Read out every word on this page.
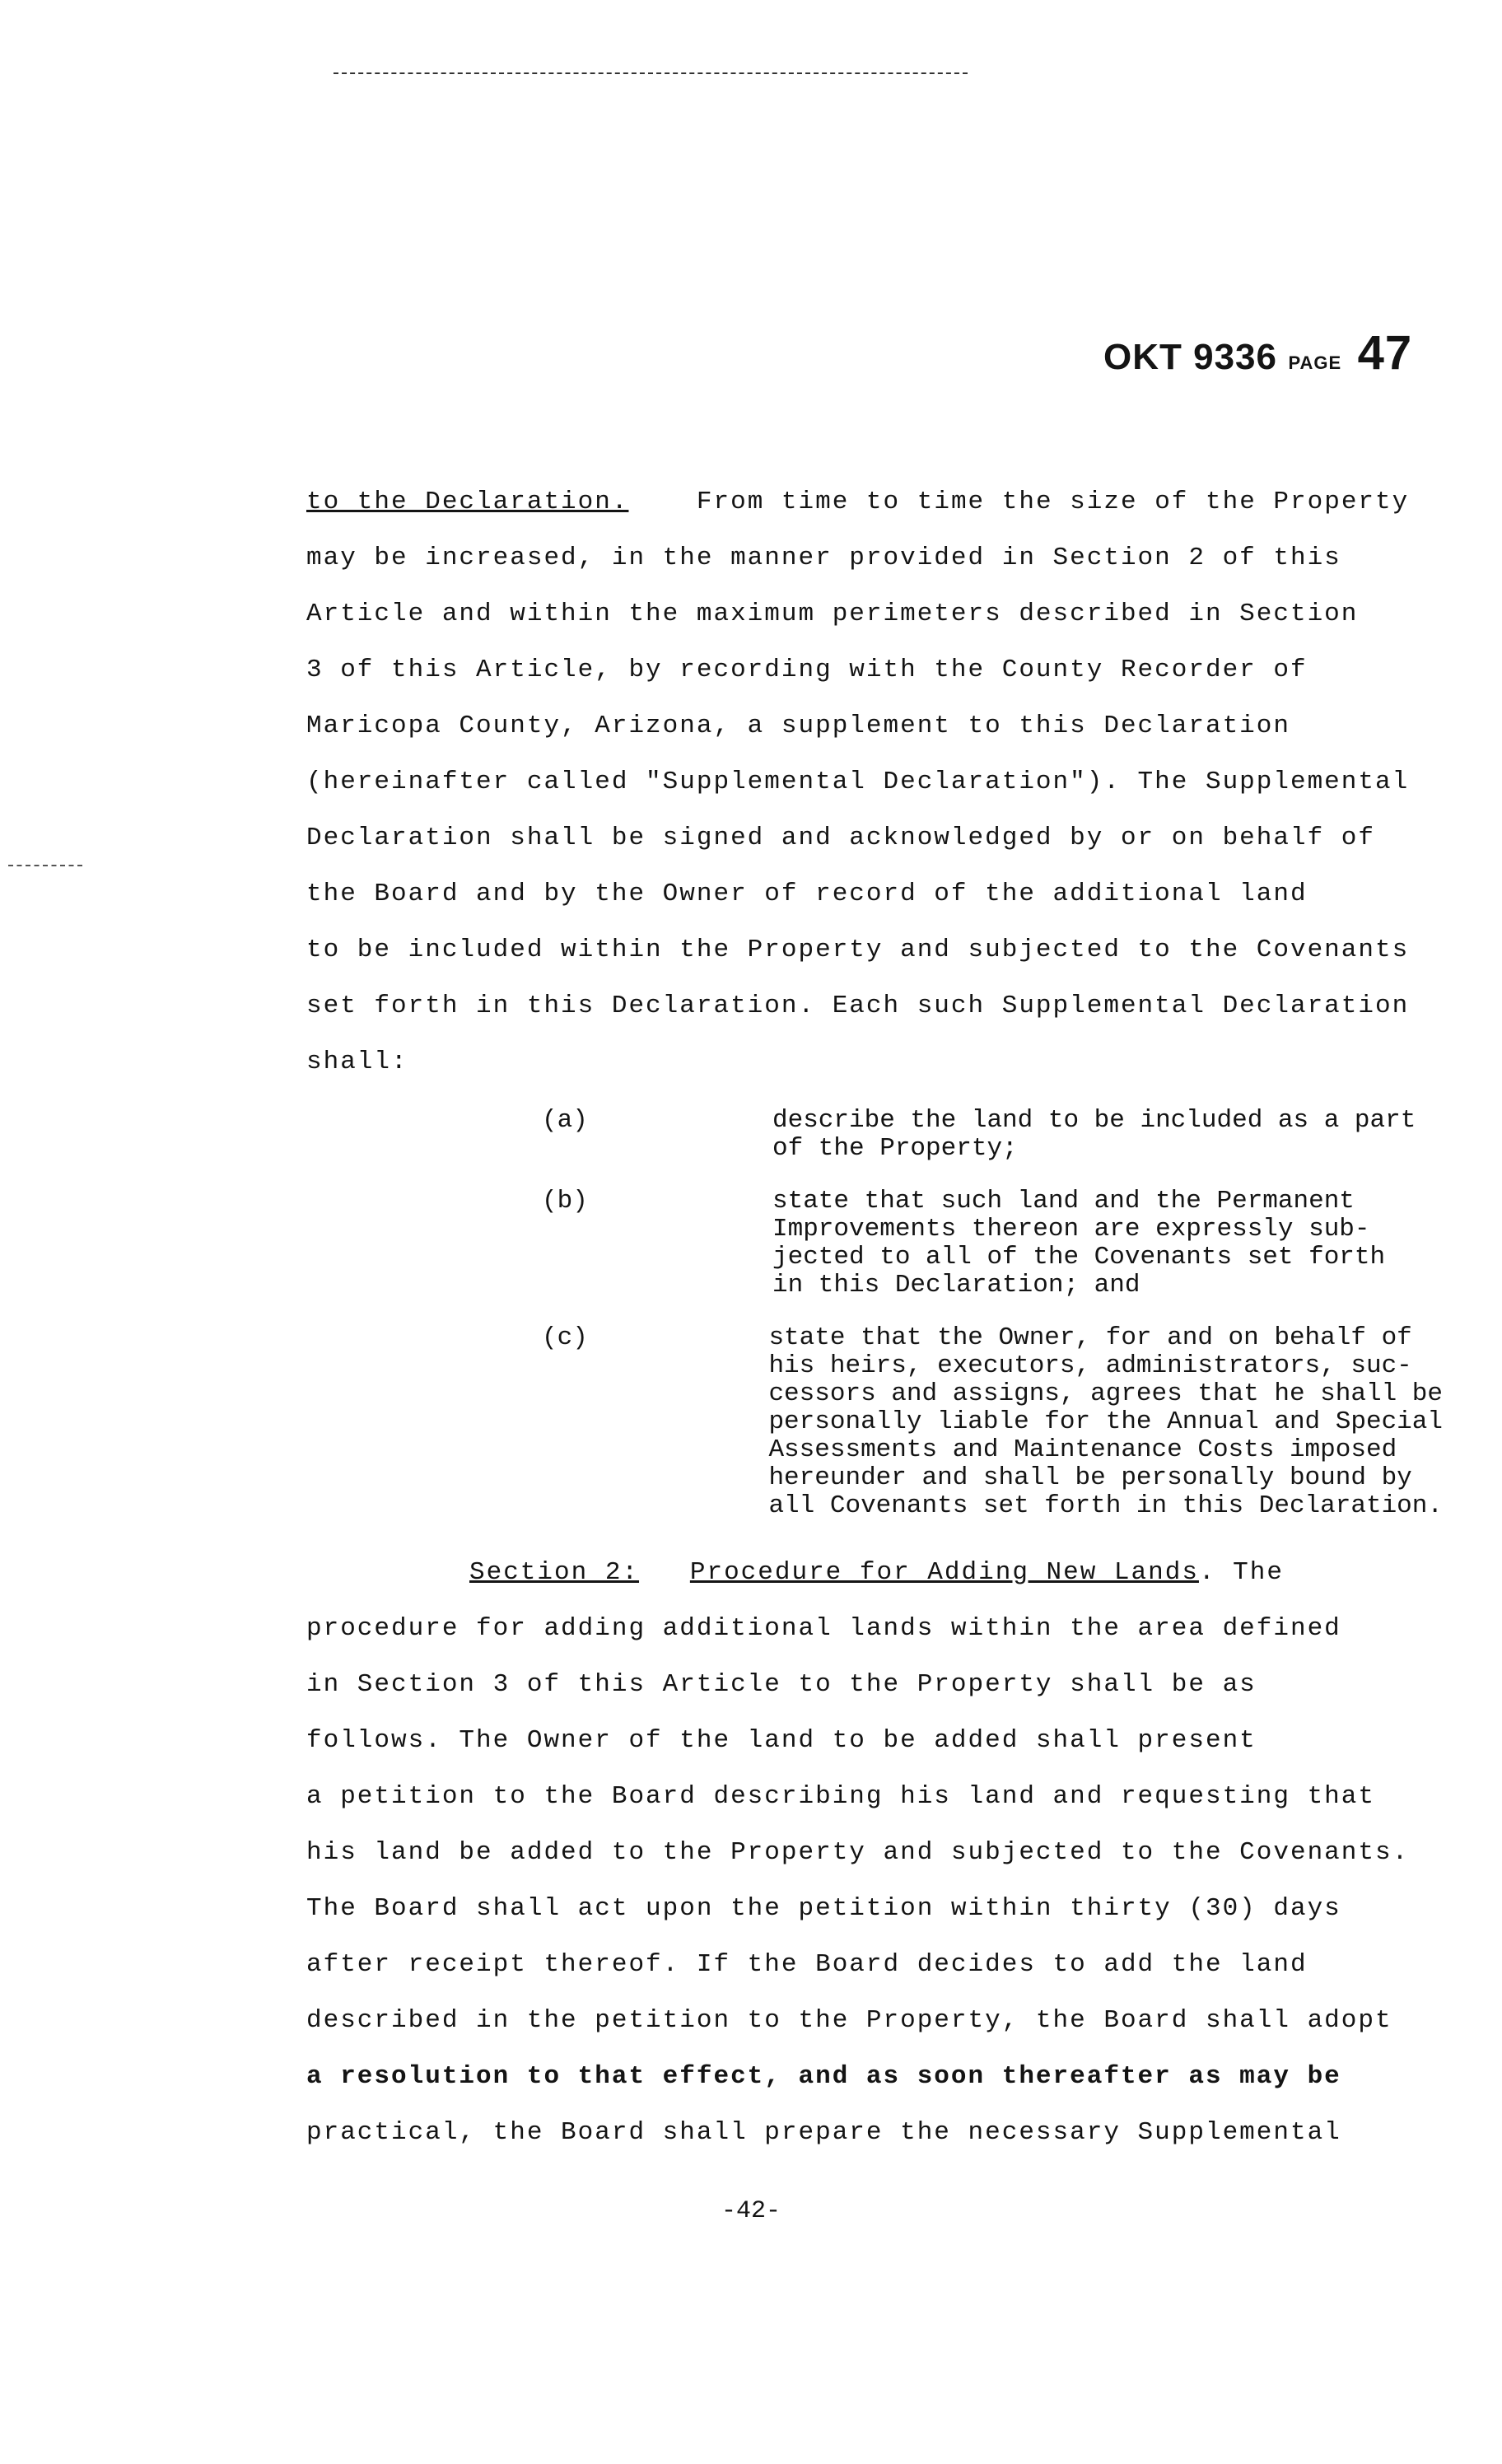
OKT 9336 PAGE 47
to the Declaration.	From time to time the size of the Property
may be increased, in the manner provided in Section 2 of this
Article and within the maximum perimeters described in Section
3 of this Article, by recording with the County Recorder of
Maricopa County, Arizona, a supplement to this Declaration
(hereinafter called "Supplemental Declaration"). The Supplemental
Declaration shall be signed and acknowledged by or on behalf of
the Board and by the Owner of record of the additional land
to be included within the Property and subjected to the Covenants
set forth in this Declaration. Each such Supplemental Declaration
shall:
(a)	describe the land to be included as a part
of the Property;
(b)	state that such land and the Permanent
Improvements thereon are expressly sub-
jected to all of the Covenants set forth
in this Declaration; and
(c)	state that the Owner, for and on behalf of
his heirs, executors, administrators, suc-
cessors and assigns, agrees that he shall be
personally liable for the Annual and Special
Assessments and Maintenance Costs imposed
hereunder and shall be personally bound by
all Covenants set forth in this Declaration.
Section 2: Procedure for Adding New Lands. The
procedure for adding additional lands within the area defined
in Section 3 of this Article to the Property shall be as
follows. The Owner of the land to be added shall present
a petition to the Board describing his land and requesting that
his land be added to the Property and subjected to the Covenants.
The Board shall act upon the petition within thirty (30) days
after receipt thereof. If the Board decides to add the land
described in the petition to the Property, the Board shall adopt
a resolution to that effect, and as soon thereafter as may be
practical, the Board shall prepare the necessary Supplemental
-42-
